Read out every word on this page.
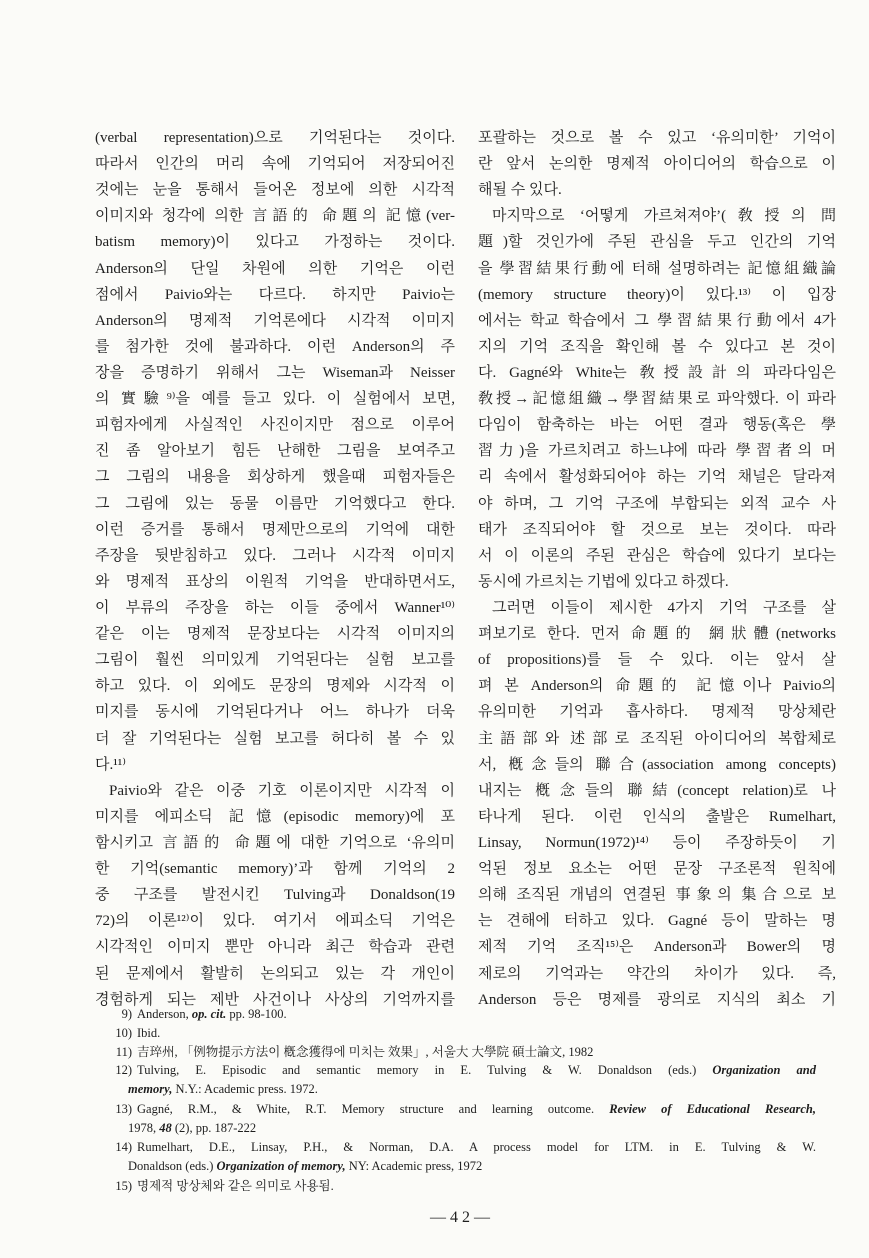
(verbal representation)으로 기억된다는 것이다.
따라서 인간의 머리 속에 기억되어 저장되어진
것에는 눈을 통해서 들어온 정보에 의한 시각적
이미지와 청각에 의한 言語的 命題의 記憶(ver-
batism memory)이 있다고 가정하는 것이다.
Anderson의 단일 차원에 의한 기억은 이런
점에서 Paivio와는 다르다. 하지만 Paivio는
Anderson의 명제적 기억론에다 시각적 이미지
를 첨가한 것에 불과하다. 이런 Anderson의 주
장을 증명하기 위해서 그는 Wiseman과 Neisser
의 實驗⁹⁾을 예를 들고 있다. 이 실험에서 보면,
피험자에게 사실적인 사진이지만 점으로 이루어
진 좀 알아보기 힘든 난해한 그림을 보여주고
그 그림의 내용을 회상하게 했을때 피험자들은
그 그림에 있는 동물 이름만 기억했다고 한다.
이런 증거를 통해서 명제만으로의 기억에 대한
주장을 뒷받침하고 있다. 그러나 시각적 이미지
와 명제적 표상의 이원적 기억을 반대하면서도,
이 부류의 주장을 하는 이들 중에서 Wanner¹⁰⁾
같은 이는 명제적 문장보다는 시각적 이미지의
그림이 훨씬 의미있게 기억된다는 실험 보고를
하고 있다. 이 외에도 문장의 명제와 시각적 이
미지를 동시에 기억된다거나 어느 하나가 더욱
더 잘 기억된다는 실험 보고를 허다히 볼 수 있
다.¹¹⁾
Paivio와 같은 이중 기호 이론이지만 시각적 이
미지를 에피소딕 記憶(episodic memory)에 포
함시키고 言語的 命題에 대한 기억으로 ‘유의미
한 기억(semantic memory)’과 함께 기억의 2
중 구조를 발전시킨 Tulving과 Donaldson(19
72)의 이론¹²⁾이 있다. 여기서 에피소딕 기억은
시각적인 이미지 뿐만 아니라 최근 학습과 관련
된 문제에서 활발히 논의되고 있는 각 개인이
경험하게 되는 제반 사건이나 사상의 기억까지를
포괄하는 것으로 볼 수 있고 ‘유의미한’ 기억이
란 앞서 논의한 명제적 아이디어의 학습으로 이
해될 수 있다.
마지막으로 ‘어떻게 가르쳐져야’(敎授의 問
題)할 것인가에 주된 관심을 두고 인간의 기억
을 學習結果行動에 터해 설명하려는 記憶組織論
(memory structure theory)이 있다.¹³⁾ 이 입장
에서는 학교 학습에서 그 學習結果行動에서 4가
지의 기억 조직을 확인해 볼 수 있다고 본 것이
다. Gagné와 White는 敎授設計의 파라다임은
敎授→記憶組織→學習結果로 파악했다. 이 파라
다임이 함축하는 바는 어떤 결과 행동(혹은 學
習力)을 가르치려고 하느냐에 따라 學習者의 머
리 속에서 활성화되어야 하는 기억 채널은 달라져
야 하며, 그 기억 구조에 부합되는 외적 교수 사
태가 조직되어야 할 것으로 보는 것이다. 따라
서 이 이론의 주된 관심은 학습에 있다기 보다는
동시에 가르치는 기법에 있다고 하겠다.
그러면 이들이 제시한 4가지 기억 구조를 살
펴보기로 한다. 먼저 命題的 網狀體(networks
of propositions)를 들 수 있다. 이는 앞서 살
펴 본 Anderson의 命題的 記憶이나 Paivio의
유의미한 기억과 흡사하다. 명제적 망상체란
主語部와 述部로 조직된 아이디어의 복합체로
서, 槪念들의 聯合(association among concepts)
내지는 槪念들의 聯結(concept relation)로 나
타나게 된다. 이런 인식의 출발은 Rumelhart,
Linsay, Normun(1972)¹⁴⁾ 등이 주장하듯이 기
억된 정보 요소는 어떤 문장 구조론적 원칙에
의해 조직된 개념의 연결된 事象의 集合으로 보
는 견해에 터하고 있다. Gagné 등이 말하는 명
제적 기억 조직¹⁵⁾은 Anderson과 Bower의 명
제로의 기억과는 약간의 차이가 있다. 즉,
Anderson 등은 명제를 광의로 지식의 최소 기
9) Anderson, op. cit. pp. 98-100.
10) Ibid.
11) 吉琗州, 「例物提示方法이 槪念獲得에 미치는 效果」, 서울大 大學院 碩士論文, 1982
12) Tulving, E. Episodic and semantic memory in E. Tulving & W. Donaldson (eds.) Organization and
memory, N.Y.: Academic press. 1972.
13) Gagné, R.M., & White, R.T. Memory structure and learning outcome. Review of Educational Research,
1978, 48 (2), pp. 187-222
14) Rumelhart, D.E., Linsay, P.H., & Norman, D.A. A process model for LTM. in E. Tulving & W.
Donaldson (eds.) Organization of memory, NY: Academic press, 1972
15) 명제적 망상체와 같은 의미로 사용됨.
— 4 2 —
